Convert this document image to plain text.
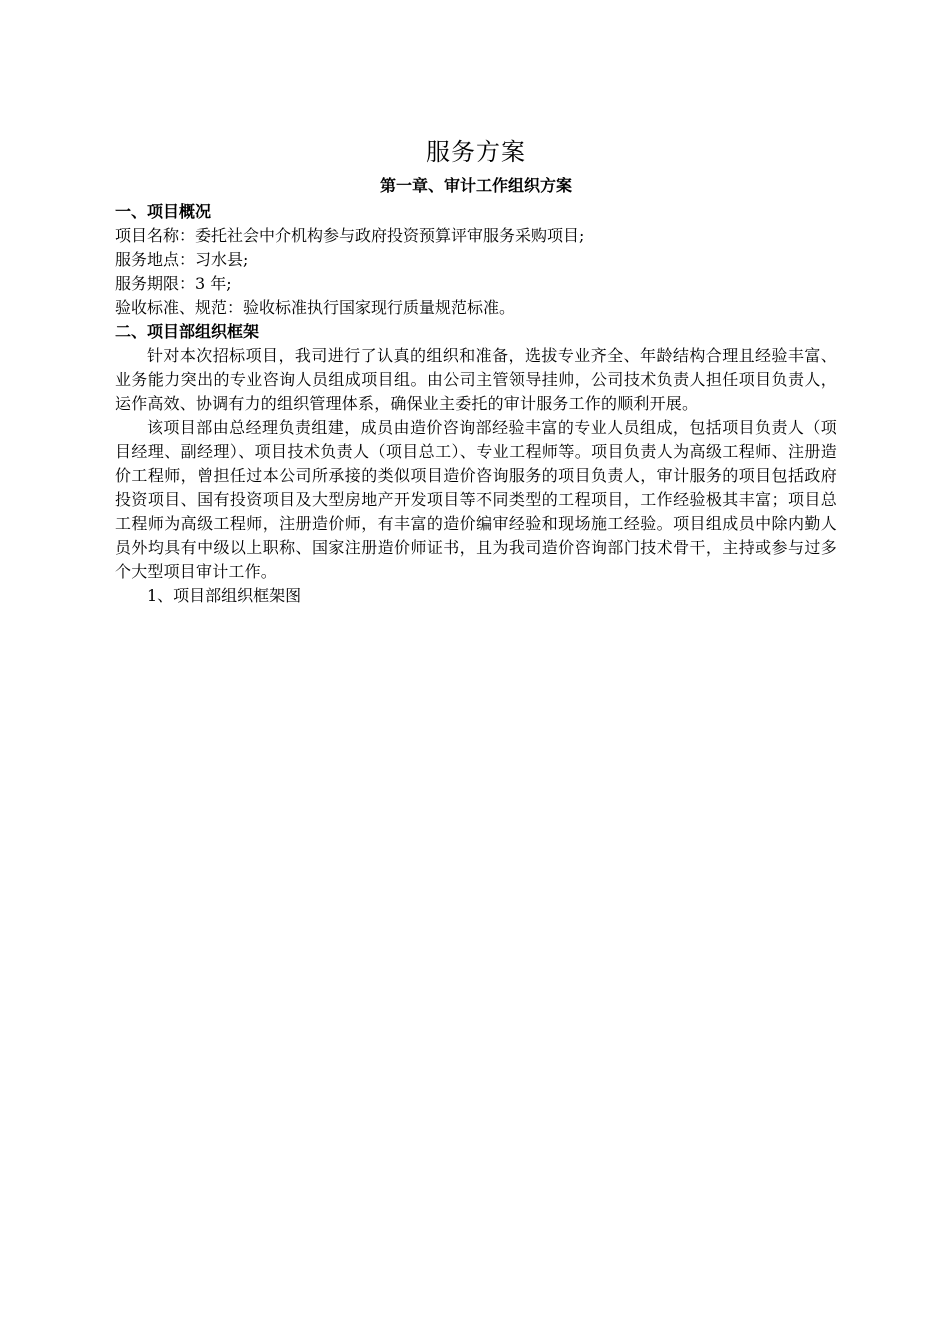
服务方案
第一章、审计工作组织方案

一、项目概况

项目名称：委托社会中介机构参与政府投资预算评审服务采购项目;

服务地点：习水县;

服务期限：3 年;

验收标准、规范：验收标准执行国家现行质量规范标准。

二、项目部组织框架

针对本次招标项目，我司进行了认真的组织和准备，选拔专业齐全、年龄结构合理且经验丰富、业务能力突出的专业咨询人员组成项目组。由公司主管领导挂帅，公司技术负责人担任项目负责人，运作高效、协调有力的组织管理体系，确保业主委托的审计服务工作的顺利开展。

该项目部由总经理负责组建，成员由造价咨询部经验丰富的专业人员组成，包括项目负责人（项目经理、副经理）、项目技术负责人（项目总工）、专业工程师等。项目负责人为高级工程师、注册造价工程师，曾担任过本公司所承接的类似项目造价咨询服务的项目负责人，审计服务的项目包括政府投资项目、国有投资项目及大型房地产开发项目等不同类型的工程项目，工作经验极其丰富；项目总工程师为高级工程师，注册造价师，有丰富的造价编审经验和现场施工经验。项目组成员中除内勤人员外均具有中级以上职称、国家注册造价师证书，且为我司造价咨询部门技术骨干，主持或参与过多个大型项目审计工作。

1、项目部组织框架图
